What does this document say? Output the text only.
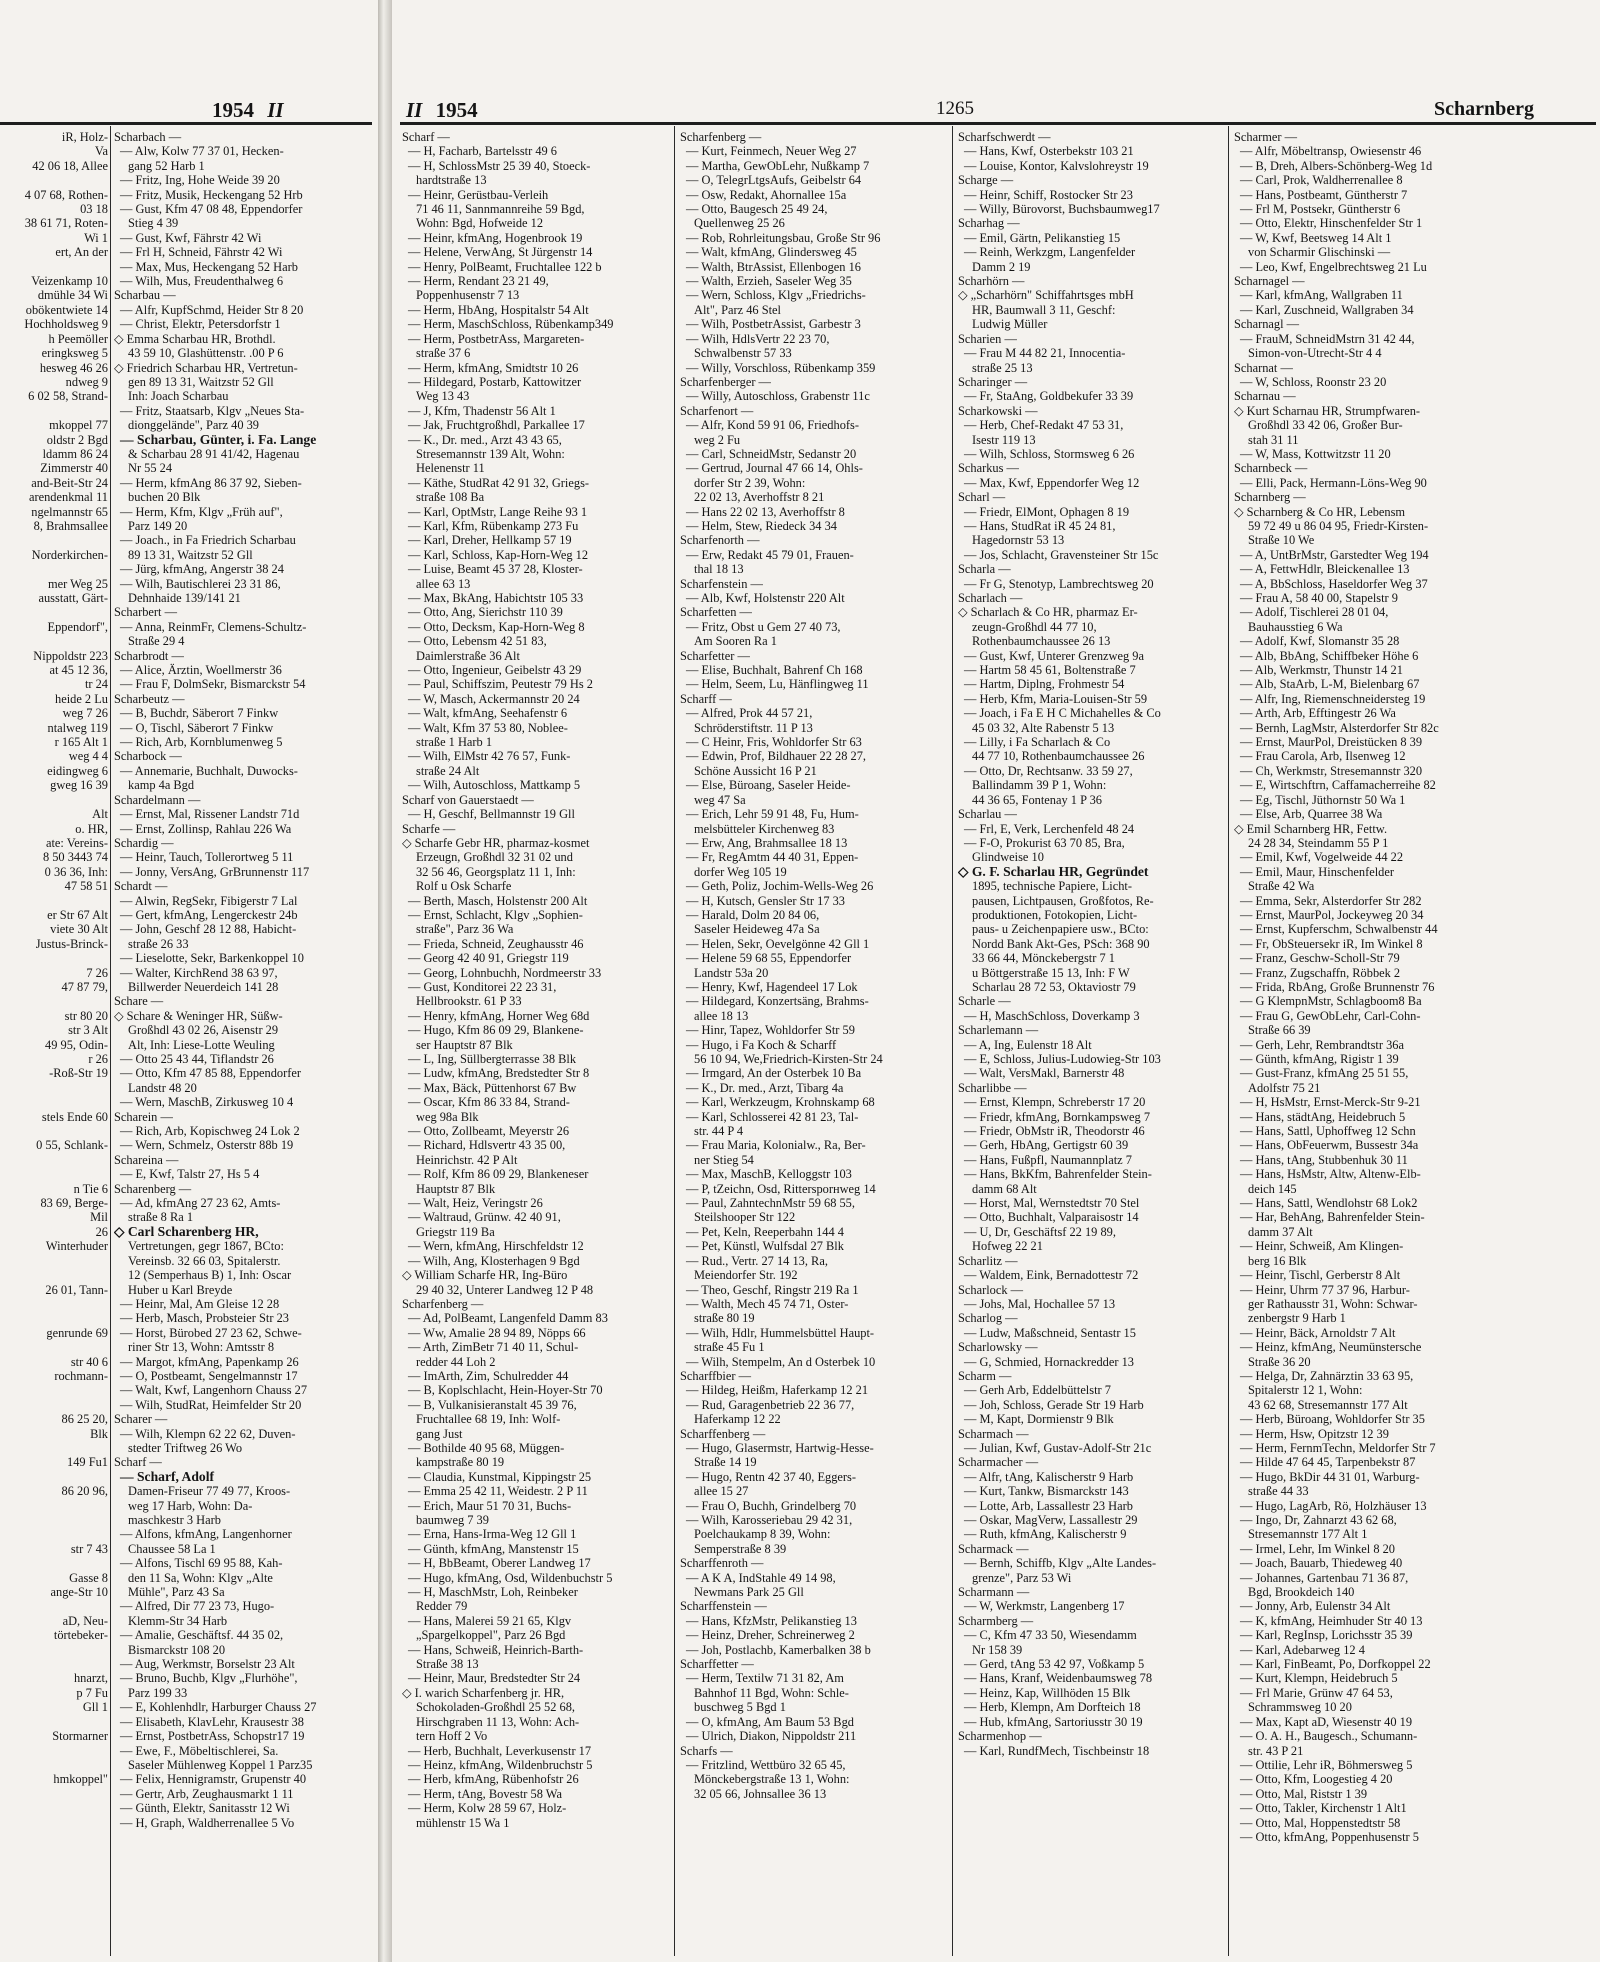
1954 II
iR, Holz-
Va
42 06 18, Allee

4 07 68, Rothen-
03 18
38 61 71, Roten-
Wi 1
ert, An der

Veizenkamp 10
dmühle 34 Wi
obökentwiete 14
Hochholdsweg 9
h Peemöller
eringksweg 5
hesweg 46 26
ndweg 9
6 02 58, Strand-

mkoppel 77
oldstr 2 Bgd
ldamm 86 24
Zimmerstr 40
and-Beit-Str 24
arendenkmal 11
ngelmannstr 65
8, Brahmsallee

Norderkirchen-

mer Weg 25
ausstatt, Gärt-

Eppendorf",

Nippoldstr 223
at 45 12 36,
tr 24
heide 2 Lu
weg 7 26
ntalweg 119
r 165 Alt 1
weg 4 4
eidingweg 6
gweg 16 39

Alt
o. HR,
ate: Vereins-
8 50 3443 74
0 36 36, Inh:
47 58 51

er Str 67 Alt
viete 30 Alt
Justus-Brinck-

7 26
47 87 79,

str 80 20
str 3 Alt
49 95, Odin-
r 26
-Roß-Str 19

stels Ende 60

0 55, Schlank-

n Tie 6
83 69, Berge-
Mil
26
Winterhuder

26 01, Tann-

genrunde 69

str 40 6
rochmann-

86 25 20,
Blk

149 Fu1

86 20 96,

str 7 43

Gasse 8
ange-Str 10

aD, Neu-
törtebeker-

hnarzt,
p 7 Fu
Gll 1

Stormarner

hmkoppel"
Scharbach —
— Alw, Kolw 77 37 01, Hecken-
gang 52 Harb 1
— Fritz, Ing, Hohe Weide 39 20
— Fritz, Musik, Heckengang 52 Hrb
— Gust, Kfm 47 08 48, Eppendorfer
Stieg 4 39
— Gust, Kwf, Fährstr 42 Wi
— Frl H, Schneid, Fährstr 42 Wi
— Max, Mus, Heckengang 52 Harb
— Wilh, Mus, Freudenthalweg 6
Scharbau —
— Alfr, KupfSchmd, Heider Str 8 20
— Christ, Elektr, Petersdorfstr 1
◇ Emma Scharbau HR, Brothdl.
43 59 10, Glashüttenstr. .00 P 6
◇ Friedrich Scharbau HR, Vertretun-
gen 89 13 31, Waitzstr 52 Gll
Inh: Joach Scharbau
— Fritz, Staatsarb, Klgv „Neues Sta-
dionggelände", Parz 40 39
— Scharbau, Günter, i. Fa. Lange
& Scharbau 28 91 41/42, Hagenau
Nr 55 24
— Herm, kfmAng 86 37 92, Sieben-
buchen 20 Blk
— Herm, Kfm, Klgv „Früh auf",
Parz 149 20
— Joach., in Fa Friedrich Scharbau
89 13 31, Waitzstr 52 Gll
— Jürg, kfmAng, Angerstr 38 24
— Wilh, Bautischlerei 23 31 86,
Dehnhaide 139/141 21
Scharbert —
— Anna, ReinmFr, Clemens-Schultz-
Straße 29 4
Scharbrodt —
— Alice, Ärztin, Woellmerstr 36
— Frau F, DolmSekr, Bismarckstr 54
Scharbeutz —
— B, Buchdr, Säberort 7 Finkw
— O, Tischl, Säberort 7 Finkw
— Rich, Arb, Kornblumenweg 5
Scharbock —
— Annemarie, Buchhalt, Duwocks-
kamp 4a Bgd
Schardelmann —
— Ernst, Mal, Rissener Landstr 71d
— Ernst, Zollinsp, Rahlau 226 Wa
Schardig —
— Heinr, Tauch, Tollerortweg 5 11
— Jonny, VersAng, GrBrunnenstr 117
Schardt —
— Alwin, RegSekr, Fibigerstr 7 Lal
— Gert, kfmAng, Lengerckestr 24b
— John, Geschf 28 12 88, Habicht-
straße 26 33
— Lieselotte, Sekr, Barkenkoppel 10
— Walter, KirchRend 38 63 97,
Billwerder Neuerdeich 141 28
Schare —
◇ Schare & Weninger HR, Süßw-
Großhdl 43 02 26, Aisenstr 29
Alt, Inh: Liese-Lotte Weuling
— Otto 25 43 44, Tiflandstr 26
— Otto, Kfm 47 85 88, Eppendorfer
Landstr 48 20
— Wern, MaschB, Zirkusweg 10 4
Scharein —
— Rich, Arb, Kopischweg 24 Lok 2
— Wern, Schmelz, Osterstr 88b 19
Schareina —
— E, Kwf, Talstr 27, Hs 5 4
Scharenberg —
— Ad, kfmAng 27 23 62, Amts-
straße 8 Ra 1
◇ Carl Scharenberg HR,
Vertretungen, gegr 1867, BCto:
Vereinsb. 32 66 03, Spitalerstr.
12 (Semperhaus B) 1, Inh: Oscar
Huber u Karl Breyde
— Heinr, Mal, Am Gleise 12 28
— Herb, Masch, Probsteier Str 23
— Horst, Bürobed 27 23 62, Schwe-
riner Str 13, Wohn: Amtsstr 8
— Margot, kfmAng, Papenkamp 26
— O, Postbeamt, Sengelmannstr 17
— Walt, Kwf, Langenhorn Chauss 27
— Wilh, StudRat, Heimfelder Str 20
Scharer —
— Wilh, Klempn 62 22 62, Duven-
stedter Triftweg 26 Wo
Scharf —
— Scharf, Adolf
Damen-Friseur 77 49 77, Kroos-
weg 17 Harb, Wohn: Da-
maschkestr 3 Harb
— Alfons, kfmAng, Langenhorner
Chaussee 58 La 1
— Alfons, Tischl 69 95 88, Kah-
den 11 Sa, Wohn: Klgv „Alte
Mühle", Parz 43 Sa
— Alfred, Dir 77 23 73, Hugo-
Klemm-Str 34 Harb
— Amalie, Geschäftsf. 44 35 02,
Bismarckstr 108 20
— Aug, Werkmstr, Borselstr 23 Alt
— Bruno, Buchb, Klgv „Flurhöhe",
Parz 199 33
— E, Kohlenhdlr, Harburger Chauss 27
— Elisabeth, KlavLehr, Krausestr 38
— Ernst, PostbetrAss, Schopstr17 19
— Ewe, F., Möbeltischlerei, Sa.
Saseler Mühlenweg Koppel 1 Parz35
— Felix, Hennigramstr, Grupenstr 40
— Gertr, Arb, Zeughausmarkt 1 11
— Günth, Elektr, Sanitasstr 12 Wi
— H, Graph, Waldherrenallee 5 Vo
II 1954	1265	Scharnberg
Scharf —
— H, Facharb, Bartelsstr 49 6
— H, SchlossMstr 25 39 40, Stoeck-
hardtstraße 13
— Heinr, Gerüstbau-Verleih
71 46 11, Sannmannreihe 59 Bgd,
Wohn: Bgd, Hofweide 12
— Heinr, kfmAng, Hogenbrook 19
— Helene, VerwAng, St Jürgenstr 14
— Henry, PolBeamt, Fruchtallee 122 b
— Herm, Rendant 23 21 49,
Poppenhusenstr 7 13
— Herm, HbAng, Hospitalstr 54 Alt
— Herm, MaschSchloss, Rübenkamp349
— Herm, PostbetrAss, Margareten-
straße 37 6
— Herm, kfmAng, Smidtstr 10 26
— Hildegard, Postarb, Kattowitzer
Weg 13 43
— J, Kfm, Thadenstr 56 Alt 1
— Jak, Fruchtgroßhdl, Parkallee 17
— K., Dr. med., Arzt 43 43 65,
Stresemannstr 139 Alt, Wohn:
Helenenstr 11
— Käthe, StudRat 42 91 32, Griegs-
straße 108 Ba
— Karl, OptMstr, Lange Reihe 93 1
— Karl, Kfm, Rübenkamp 273 Fu
— Karl, Dreher, Hellkamp 57 19
— Karl, Schloss, Kap-Horn-Weg 12
— Luise, Beamt 45 37 28, Kloster-
allee 63 13
— Max, BkAng, Habichtstr 105 33
— Otto, Ang, Sierichstr 110 39
— Otto, Decksm, Kap-Horn-Weg 8
— Otto, Lebensm 42 51 83,
Daimlerstraße 36 Alt
— Otto, Ingenieur, Geibelstr 43 29
— Paul, Schiffszim, Peutestr 79 Hs 2
— W, Masch, Ackermannstr 20 24
— Walt, kfmAng, Seehafenstr 6
— Walt, Kfm 37 53 80, Noblee-
straße 1 Harb 1
— Wilh, ElMstr 42 76 57, Funk-
straße 24 Alt
— Wilh, Autoschloss, Mattkamp 5
Scharf von Gauerstaedt —
— H, Geschf, Bellmannstr 19 Gll
Scharfe —
◇ Scharfe Gebr HR, pharmaz-kosmet
Erzeugn, Großhdl 32 31 02 und
32 56 46, Georgsplatz 11 1, Inh:
Rolf u Osk Scharfe
— Berth, Masch, Holstenstr 200 Alt
— Ernst, Schlacht, Klgv „Sophien-
straße", Parz 36 Wa
— Frieda, Schneid, Zeughausstr 46
— Georg 42 40 91, Griegstr 119
— Georg, Lohnbuchh, Nordmeerstr 33
— Gust, Konditorei 22 23 31,
Hellbrookstr. 61 P 33
— Henry, kfmAng, Horner Weg 68d
— Hugo, Kfm 86 09 29, Blankene-
ser Hauptstr 87 Blk
— L, Ing, Süllbergterrasse 38 Blk
— Ludw, kfmAng, Bredstedter Str 8
— Max, Bäck, Püttenhorst 67 Bw
— Oscar, Kfm 86 33 84, Strand-
weg 98a Blk
— Otto, Zollbeamt, Meyerstr 26
— Richard, Hdlsvertr 43 35 00,
Heinrichstr. 42 P Alt
— Rolf, Kfm 86 09 29, Blankeneser
Hauptstr 87 Blk
— Walt, Heiz, Veringstr 26
— Waltraud, Grünw. 42 40 91,
Griegstr 119 Ba
— Wern, kfmAng, Hirschfeldstr 12
— Wilh, Ang, Klosterhagen 9 Bgd
◇ William Scharfe HR, Ing-Büro
29 40 32, Unterer Landweg 12 P 48
Scharfenberg —
— Ad, PolBeamt, Langenfeld Damm 83
— Ww, Amalie 28 94 89, Nöpps 66
— Arth, ZimBetr 71 40 11, Schul-
redder 44 Loh 2
— ImArth, Zim, Schulredder 44
— B, Koplschlacht, Hein-Hoyer-Str 70
— B, Vulkanisieranstalt 45 39 76,
Fruchtallee 68 19, Inh: Wolf-
gang Just
— Bothilde 40 95 68, Müggen-
kampstraße 80 19
— Claudia, Kunstmal, Kippingstr 25
— Emma 25 42 11, Weidestr. 2 P 11
— Erich, Maur 51 70 31, Buchs-
baumweg 7 39
— Erna, Hans-Irma-Weg 12 Gll 1
— Günth, kfmAng, Manstenstr 15
— H, BbBeamt, Oberer Landweg 17
— Hugo, kfmAng, Osd, Wildenbuchstr 5
— H, MaschMstr, Loh, Reinbeker
Redder 79
— Hans, Malerei 59 21 65, Klgv
„Spargelkoppel", Parz 26 Bgd
— Hans, Schweiß, Heinrich-Barth-
Straße 38 13
— Heinr, Maur, Bredstedter Str 24
◇ I. warich Scharfenberg jr. HR,
Schokoladen-Großhdl 25 52 68,
Hirschgraben 11 13, Wohn: Ach-
tern Hoff 2 Vo
— Herb, Buchhalt, Leverkusenstr 17
— Heinz, kfmAng, Wildenbruchstr 5
— Herb, kfmAng, Rübenhofstr 26
— Herm, tAng, Bovestr 58 Wa
— Herm, Kolw 28 59 67, Holz-
mühlenstr 15 Wa 1
Scharfenberg —
— Kurt, Feinmech, Neuer Weg 27
— Martha, GewObLehr, Nußkamp 7
— O, TelegrLtgsAufs, Geibelstr 64
— Osw, Redakt, Ahornallee 15a
— Otto, Baugesch 25 49 24,
Quellenweg 25 26
— Rob, Rohrleitungsbau, Große Str 96
— Walt, kfmAng, Glindersweg 45
— Walth, BtrAssist, Ellenbogen 16
— Walth, Erzieh, Saseler Weg 35
— Wern, Schloss, Klgv „Friedrichs-
Alt", Parz 46 Stel
— Wilh, PostbetrAssist, Garbestr 3
— Wilh, HdlsVertr 22 23 70,
Schwalbenstr 57 33
— Willy, Vorschloss, Rübenkamp 359
Scharfenberger —
— Willy, Autoschloss, Grabenstr 11c
Scharfenort —
— Alfr, Kond 59 91 06, Friedhofs-
weg 2 Fu
— Carl, SchneidMstr, Sedanstr 20
— Gertrud, Journal 47 66 14, Ohls-
dorfer Str 2 39, Wohn:
22 02 13, Averhoffstr 8 21
— Hans 22 02 13, Averhoffstr 8
— Helm, Stew, Riedeck 34 34
Scharfenorth —
— Erw, Redakt 45 79 01, Frauen-
thal 18 13
Scharfenstein —
— Alb, Kwf, Holstenstr 220 Alt
Scharfetten —
— Fritz, Obst u Gem 27 40 73,
Am Sooren Ra 1
Scharfetter —
— Elise, Buchhalt, Bahrenf Ch 168
— Helm, Seem, Lu, Hänflingweg 11
Scharff —
— Alfred, Prok 44 57 21,
Schröderstiftstr. 11 P 13
— C Heinr, Fris, Wohldorfer Str 63
— Edwin, Prof, Bildhauer 22 28 27,
Schöne Aussicht 16 P 21
— Else, Büroang, Saseler Heide-
weg 47 Sa
— Erich, Lehr 59 91 48, Fu, Hum-
melsbütteler Kirchenweg 83
— Erw, Ang, Brahmsallee 18 13
— Fr, RegAmtm 44 40 31, Eppen-
dorfer Weg 105 19
— Geth, Poliz, Jochim-Wells-Weg 26
— H, Kutsch, Gensler Str 17 33
— Harald, Dolm 20 84 06,
Saseler Heideweg 47a Sa
— Helen, Sekr, Oevelgönne 42 Gll 1
— Helene 59 68 55, Eppendorfer
Landstr 53a 20
— Henry, Kwf, Hagendeel 17 Lok
— Hildegard, Konzertsäng, Brahms-
allee 18 13
— Hinr, Tapez, Wohldorfer Str 59
— Hugo, i Fa Koch & Scharff
56 10 94, We,Friedrich-Kirsten-Str 24
— Irmgard, An der Osterbek 10 Ba
— K., Dr. med., Arzt, Tibarg 4a
— Karl, Werkzeugm, Krohnskamp 68
— Karl, Schlosserei 42 81 23, Tal-
str. 44 P 4
— Frau Maria, Kolonialw., Ra, Ber-
ner Stieg 54
— Max, MaschB, Kelloggstr 103
— P, tZeichn, Osd, Rittersporнweg 14
— Paul, ZahntechnMstr 59 68 55,
Steilshooper Str 122
— Pet, Keln, Reeperbahn 144 4
— Pet, Künstl, Wulfsdal 27 Blk
— Rud., Vertr. 27 14 13, Ra,
Meiendorfer Str. 192
— Theo, Geschf, Ringstr 219 Ra 1
— Walth, Mech 45 74 71, Oster-
straße 80 19
— Wilh, Hdlr, Hummelsbüttel Haupt-
straße 45 Fu 1
— Wilh, Stempelm, An d Osterbek 10
Scharffbier —
— Hildeg, Heißm, Haferkamp 12 21
— Rud, Garagenbetrieb 22 36 77,
Haferkamp 12 22
Scharffenberg —
— Hugo, Glasermstr, Hartwig-Hesse-
Straße 14 19
— Hugo, Rentn 42 37 40, Eggers-
allee 15 27
— Frau O, Buchh, Grindelberg 70
— Wilh, Karosseriebau 29 42 31,
Poelchaukamp 8 39, Wohn:
Semperstraße 8 39
Scharffenroth —
— A K A, IndStahle 49 14 98,
Newmans Park 25 Gll
Scharffenstein —
— Hans, KfzMstr, Pelikanstieg 13
— Heinz, Dreher, Schreinerweg 2
— Joh, Postlachb, Kamerbalken 38 b
Scharffetter —
— Herm, Textilw 71 31 82, Am
Bahnhof 11 Bgd, Wohn: Schle-
buschweg 5 Bgd 1
— O, kfmAng, Am Baum 53 Bgd
— Ulrich, Diakon, Nippoldstr 211
Scharfs —
— Fritzlind, Wettbüro 32 65 45,
Mönckebergstraße 13 1, Wohn:
32 05 66, Johnsallee 36 13
Scharfschwerdt —
— Hans, Kwf, Osterbekstr 103 21
— Louise, Kontor, Kalvslohreystr 19
Scharge —
— Heinr, Schiff, Rostocker Str 23
— Willy, Bürovorst, Buchsbaumweg17
Scharhag —
— Emil, Gärtn, Pelikanstieg 15
— Reinh, Werkzgm, Langenfelder
Damm 2 19
Scharhörn —
◇ „Scharhörn" Schiffahrtsges mbH
HR, Baumwall 3 11, Geschf:
Ludwig Müller
Scharien —
— Frau M 44 82 21, Innocentia-
straße 25 13
Scharinger —
— Fr, StaAng, Goldbekufer 33 39
Scharkowski —
— Herb, Chef-Redakt 47 53 31,
Isestr 119 13
— Wilh, Schloss, Stormsweg 6 26
Scharkus —
— Max, Kwf, Eppendorfer Weg 12
Scharl —
— Friedr, ElMont, Ophagen 8 19
— Hans, StudRat iR 45 24 81,
Hagedornstr 53 13
— Jos, Schlacht, Gravensteiner Str 15c
Scharla —
— Fr G, Stenotyp, Lambrechtsweg 20
Scharlach —
◇ Scharlach & Co HR, pharmaz Er-
zeugn-Großhdl 44 77 10,
Rothenbaumchaussee 26 13
— Gust, Kwf, Unterer Grenzweg 9a
— Hartm 58 45 61, Boltenstraße 7
— Hartm, Diplng, Frohmestr 54
— Herb, Kfm, Maria-Louisen-Str 59
— Joach, i Fa E H C Michahelles & Co
45 03 32, Alte Rabenstr 5 13
— Lilly, i Fa Scharlach & Co
44 77 10, Rothenbaumchaussee 26
— Otto, Dr, Rechtsanw. 33 59 27,
Ballindamm 39 P 1, Wohn:
44 36 65, Fontenay 1 P 36
Scharlau —
— Frl, E, Verk, Lerchenfeld 48 24
— F-O, Prokurist 63 70 85, Bra,
Glindweise 10
◇ G. F. Scharlau HR, Gegründet
1895, technische Papiere, Licht-
pausen, Lichtpausen, Großfotos, Re-
produktionen, Fotokopien, Licht-
paus- u Zeichenpapiere usw., BCto:
Nordd Bank Akt-Ges, PSch: 368 90
33 66 44, Mönckebergstr 7 1
u Böttgerstraße 15 13, Inh: F W
Scharlau 28 72 53, Oktaviostr 79
Scharle —
— H, MaschSchloss, Doverkamp 3
Scharlemann —
— A, Ing, Eulenstr 18 Alt
— E, Schloss, Julius-Ludowieg-Str 103
— Walt, VersMakl, Barnerstr 48
Scharlibbe —
— Ernst, Klempn, Schreberstr 17 20
— Friedr, kfmAng, Bornkampsweg 7
— Friedr, ObMstr iR, Theodorstr 46
— Gerh, HbAng, Gertigstr 60 39
— Hans, Fußpfl, Naumannplatz 7
— Hans, BkKfm, Bahrenfelder Stein-
damm 68 Alt
— Horst, Mal, Wernstedtstr 70 Stel
— Otto, Buchhalt, Valparaisostr 14
— U, Dr, Geschäftsf 22 19 89,
Hofweg 22 21
Scharlitz —
— Waldem, Eink, Bernadottestr 72
Scharlock —
— Johs, Mal, Hochallee 57 13
Scharlog —
— Ludw, Maßschneid, Sentastr 15
Scharlowsky —
— G, Schmied, Hornackredder 13
Scharm —
— Gerh Arb, Eddelbüttelstr 7
— Joh, Schloss, Gerade Str 19 Harb
— M, Kapt, Dormienstr 9 Blk
Scharmach —
— Julian, Kwf, Gustav-Adolf-Str 21c
Scharmacher —
— Alfr, tAng, Kalischerstr 9 Harb
— Kurt, Tankw, Bismarckstr 143
— Lotte, Arb, Lassallestr 23 Harb
— Oskar, MagVerw, Lassallestr 29
— Ruth, kfmAng, Kalischerstr 9
Scharmack —
— Bernh, Schiffb, Klgv „Alte Landes-
grenze", Parz 53 Wi
Scharmann —
— W, Werkmstr, Langenberg 17
Scharmberg —
— C, Kfm 47 33 50, Wiesendamm
Nr 158 39
— Gerd, tAng 53 42 97, Voßkamp 5
— Hans, Kranf, Weidenbaumsweg 78
— Heinz, Kap, Willhöden 15 Blk
— Herb, Klempn, Am Dorfteich 18
— Hub, kfmAng, Sartoriusstr 30 19
Scharmenhop —
— Karl, RundfMech, Tischbeinstr 18
Scharmer —
— Alfr, Möbeltransp, Owiesenstr 46
— B, Dreh, Albers-Schönberg-Weg 1d
— Carl, Prok, Waldherrenallee 8
— Hans, Postbeamt, Güntherstr 7
— Frl M, Postsekr, Güntherstr 6
— Otto, Elektr, Hinschenfelder Str 1
— W, Kwf, Beetsweg 14 Alt 1
von Scharmir Glischinski —
— Leo, Kwf, Engelbrechtsweg 21 Lu
Scharnagel —
— Karl, kfmAng, Wallgraben 11
— Karl, Zuschneid, Wallgraben 34
Scharnagl —
— FrauM, SchneidMstrn 31 42 44,
Simon-von-Utrecht-Str 4 4
Scharnat —
— W, Schloss, Roonstr 23 20
Scharnau —
◇ Kurt Scharnau HR, Strumpfwaren-
Großhdl 33 42 06, Großer Bur-
stah 31 11
— W, Mass, Kottwitzstr 11 20
Scharnbeck —
— Elli, Pack, Hermann-Löns-Weg 90
Scharnberg —
◇ Scharnberg & Co HR, Lebensm
59 72 49 u 86 04 95, Friedr-Kirsten-
Straße 10 We
— A, UntBrMstr, Garstedter Weg 194
— A, FettwHdlr, Bleickenallee 13
— A, BbSchloss, Haseldorfer Weg 37
— Frau A, 58 40 00, Stapelstr 9
— Adolf, Tischlerei 28 01 04,
Bauhausstieg 6 Wa
— Adolf, Kwf, Slomanstr 35 28
— Alb, BbAng, Schiffbeker Höhe 6
— Alb, Werkmstr, Thunstr 14 21
— Alb, StaArb, L-M, Bielenbarg 67
— Alfr, Ing, Riemenschneidersteg 19
— Arth, Arb, Efftingestr 26 Wa
— Bernh, LagMstr, Alsterdorfer Str 82c
— Ernst, MaurPol, Dreistücken 8 39
— Frau Carola, Arb, Ilsenweg 12
— Ch, Werkmstr, Stresemannstr 320
— E, Wirtschftrn, Caffamacherreihe 82
— Eg, Tischl, Jüthornstr 50 Wa 1
— Else, Arb, Quarree 38 Wa
◇ Emil Scharnberg HR, Fettw.
24 28 34, Steindamm 55 P 1
— Emil, Kwf, Vogelweide 44 22
— Emil, Maur, Hinschenfelder
Straße 42 Wa
— Emma, Sekr, Alsterdorfer Str 282
— Ernst, MaurPol, Jockeyweg 20 34
— Ernst, Kupferschm, Schwalbenstr 44
— Fr, ObSteuersekr iR, Im Winkel 8
— Franz, Geschw-Scholl-Str 79
— Franz, Zugschaffn, Röbbek 2
— Frida, RbAng, Große Brunnenstr 76
— G KlempnMstr, Schlagboom8 Ba
— Frau G, GewObLehr, Carl-Cohn-
Straße 66 39
— Gerh, Lehr, Rembrandtstr 36a
— Günth, kfmAng, Rigistr 1 39
— Gust-Franz, kfmAng 25 51 55,
Adolfstr 75 21
— H, HsMstr, Ernst-Merck-Str 9-21
— Hans, städtAng, Heidebruch 5
— Hans, Sattl, Uphoffweg 12 Schn
— Hans, ObFeuerwm, Bussestr 34a
— Hans, tAng, Stubbenhuk 30 11
— Hans, HsMstr, Altw, Altenw-Elb-
deich 145
— Hans, Sattl, Wendlohstr 68 Lok2
— Har, BehAng, Bahrenfelder Stein-
damm 37 Alt
— Heinr, Schweiß, Am Klingen-
berg 16 Blk
— Heinr, Tischl, Gerberstr 8 Alt
— Heinr, Uhrm 77 37 96, Harbur-
ger Rathausstr 31, Wohn: Schwar-
zenbergstr 9 Harb 1
— Heinr, Bäck, Arnoldstr 7 Alt
— Heinz, kfmAng, Neumünstersche
Straße 36 20
— Helga, Dr, Zahnärztin 33 63 95,
Spitalerstr 12 1, Wohn:
43 62 68, Stresemannstr 177 Alt
— Herb, Büroang, Wohldorfer Str 35
— Herm, Hsw, Opitzstr 12 39
— Herm, FernmTechn, Meldorfer Str 7
— Hilde 47 64 45, Tarpenbekstr 87
— Hugo, BkDir 44 31 01, Warburg-
straße 44 33
— Hugo, LagArb, Rö, Holzhäuser 13
— Ingo, Dr, Zahnarzt 43 62 68,
Stresemannstr 177 Alt 1
— Irmel, Lehr, Im Winkel 8 20
— Joach, Bauarb, Thiedeweg 40
— Johannes, Gartenbau 71 36 87,
Bgd, Brookdeich 140
— Jonny, Arb, Eulenstr 34 Alt
— K, kfmAng, Heimhuder Str 40 13
— Karl, RegInsp, Lorichsstr 35 39
— Karl, Adebarweg 12 4
— Karl, FinBeamt, Po, Dorfkoppel 22
— Kurt, Klempn, Heidebruch 5
— Frl Marie, Grünw 47 64 53,
Schrammsweg 10 20
— Max, Kapt aD, Wiesenstr 40 19
— O. A. H., Baugesch., Schumann-
str. 43 P 21
— Ottilie, Lehr iR, Böhmersweg 5
— Otto, Kfm, Loogestieg 4 20
— Otto, Mal, Riststr 1 39
— Otto, Takler, Kirchenstr 1 Alt1
— Otto, Mal, Hoppenstedtstr 58
— Otto, kfmAng, Poppenhusenstr 5
